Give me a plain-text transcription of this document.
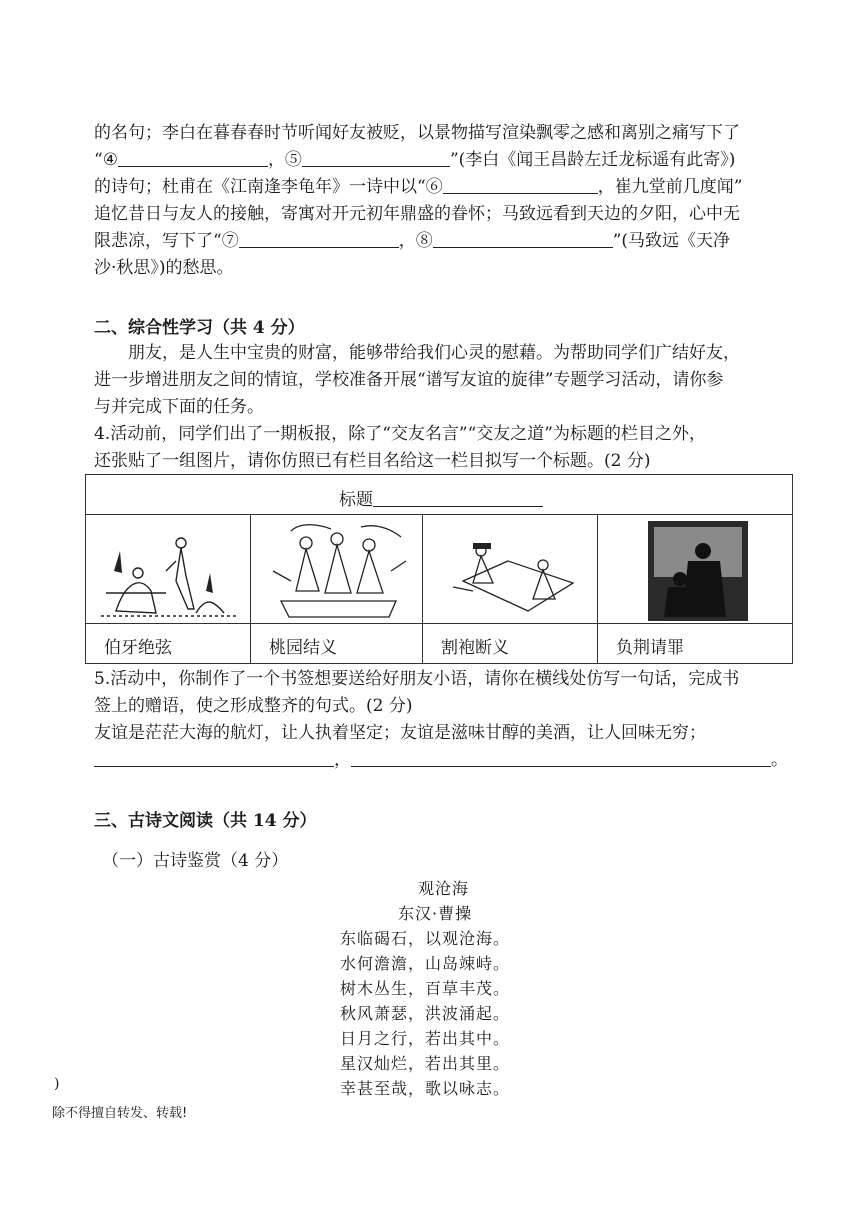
的名句；李白在暮春春时节听闻好友被贬，以景物描写渲染飘零之感和离别之痛写下了
“④	，⑤	”(李白《闻王昌龄左迁龙标遥有此寄》)
的诗句；杜甫在《江南逢李龟年》一诗中以“⑥	，崔九堂前几度闻”
追忆昔日与友人的接触，寄寓对开元初年鼎盛的眷怀；马致远看到天边的夕阳，心中无
限悲凉，写下了“⑦	，⑧	”(马致远《天净
沙·秋思》)的愁思。

二、综合性学习（共 4 分）

朋友，是人生中宝贵的财富，能够带给我们心灵的慰藉。为帮助同学们广结好友，
进一步增进朋友之间的情谊，学校准备开展“谱写友谊的旋律”专题学习活动，请你参
与并完成下面的任务。
4.活动前，同学们出了一期板报，除了“交友名言”“交友之道”为标题的栏目之外，
还张贴了一组图片，请你仿照已有栏目名给这一栏目拟写一个标题。(2 分)
标题
伯牙绝弦	桃园结义	割袍断义	负荆请罪
5.活动中，你制作了一个书签想要送给好朋友小语，请你在横线处仿写一句话，完成书
签上的赠语，使之形成整齐的句式。(2 分)
友谊是茫茫大海的航灯，让人执着坚定；友谊是滋味甘醇的美酒，让人回味无穷；
，	。

三、古诗文阅读（共 14 分）

（一）古诗鉴赏（4 分）

观沧海
东汉·曹操
东临碣石，以观沧海。
水何澹澹，山岛竦峙。
树木丛生，百草丰茂。
秋风萧瑟，洪波涌起。
日月之行，若出其中。
星汉灿烂，若出其里。
幸甚至哉，歌以咏志。
)
除不得擅自转发、转载!
